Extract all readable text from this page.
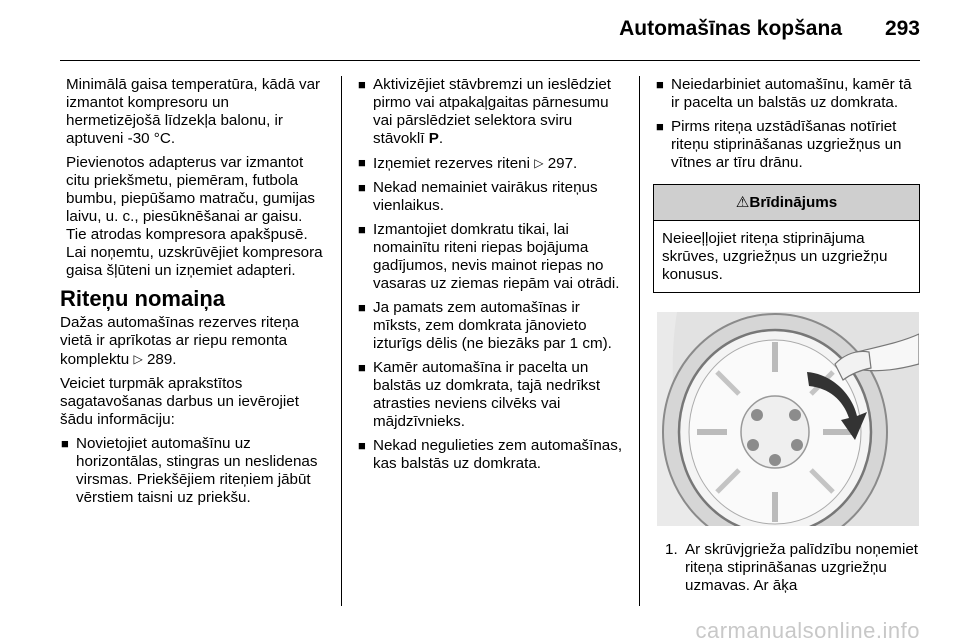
Automašīnas kopšana 293

Minimālā gaisa temperatūra, kādā var izmantot kompresoru un hermetizējošā līdzekļa balonu, ir aptuveni -30 °C.

Pievienotos adapterus var izmantot citu priekšmetu, piemēram, futbola bumbu, piepūšamo matraču, gumijas laivu, u. c., piesūknēšanai ar gaisu. Tie atrodas kompresora apakšpusē. Lai noņemtu, uzskrūvējiet kompresora gaisa šļūteni un izņemiet adapteri.

Riteņu nomaiņa

Dažas automašīnas rezerves riteņa vietā ir aprīkotas ar riepu remonta komplektu ▷ 289.

Veiciet turpmāk aprakstītos sagatavošanas darbus un ievērojiet šādu informāciju:

■ Novietojiet automašīnu uz horizontālas, stingras un neslidenas virsmas. Priekšējiem riteņiem jābūt vērstiem taisni uz priekšu.
■ Aktivizējiet stāvbremzi un ieslēdziet pirmo vai atpakaļgaitas pārnesumu vai pārslēdziet selektora sviru stāvoklī P.
■ Izņemiet rezerves riteni ▷ 297.
■ Nekad nemainiet vairākus riteņus vienlaikus.
■ Izmantojiet domkratu tikai, lai nomainītu riteni riepas bojājuma gadījumos, nevis mainot riepas no vasaras uz ziemas riepām vai otrādi.
■ Ja pamats zem automašīnas ir mīksts, zem domkrata jānovieto izturīgs dēlis (ne biezāks par 1 cm).
■ Kamēr automašīna ir pacelta un balstās uz domkrata, tajā nedrīkst atrasties neviens cilvēks vai mājdzīvnieks.
■ Nekad negulieties zem automašīnas, kas balstās uz domkrata.
■ Neiedarbiniet automašīnu, kamēr tā ir pacelta un balstās uz domkrata.
■ Pirms riteņa uzstādīšanas notīriet riteņu stiprināšanas uzgriežņus un vītnes ar tīru drānu.
⚠Brīdinājums
Neieeļļojiet riteņa stiprinājuma skrūves, uzgriežņus un uzgriežņu konusus.
1. Ar skrūvjgrieža palīdzību noņemiet riteņa stiprināšanas uzgriežņu uzmavas. Ar āķa
carmanualsonline.info
